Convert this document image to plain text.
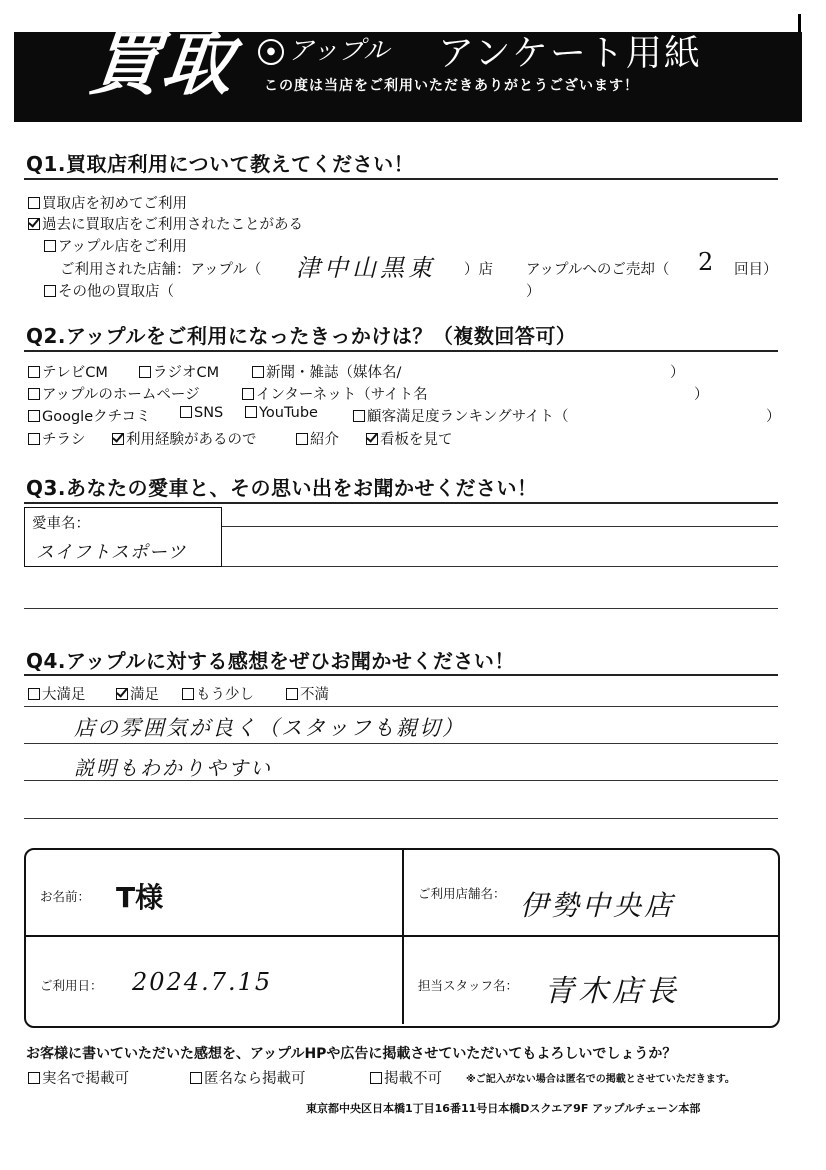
買取	● アップル アンケート用紙
この度は当店をご利用いただきありがとうございます！
Q1.買取店利用について教えてください！
買取店を初めてご利用
過去に買取店をご利用されたことがある
アップル店をご利用
ご利用された店舗：アップル（ 津中山黒東 ）店 アップルへのご売却（ 2 回目）
その他の買取店（	）
Q2.アップルをご利用になったきっかけは？（複数回答可）
テレビCM	ラジオCM	新聞・雑誌（媒体名/	）
アップルのホームページ	インターネット（サイト名	）
Googleクチコミ	SNS	YouTube	顧客満足度ランキングサイト（	）
チラシ	利用経験があるので	紹介	看板を見て
Q3.あなたの愛車と、その思い出をお聞かせください！
愛車名：
スイフトスポーツ
Q4.アップルに対する感想をぜひお聞かせください！
大満足	満足	もう少し	不満
店の雰囲気が良く（スタッフも親切）
説明もわかりやすい
お名前： T様	ご利用店舗名： 伊勢中央店
ご利用日： 2024.7.15	担当スタッフ名： 青木店長
お客様に書いていただいた感想を、アップルHPや広告に掲載させていただいてもよろしいでしょうか？
実名で掲載可	匿名なら掲載可	掲載不可 ※ご記入がない場合は匿名での掲載とさせていただきます。
東京都中央区日本橋1丁目16番11号日本橋Dスクエア9F アップルチェーン本部
